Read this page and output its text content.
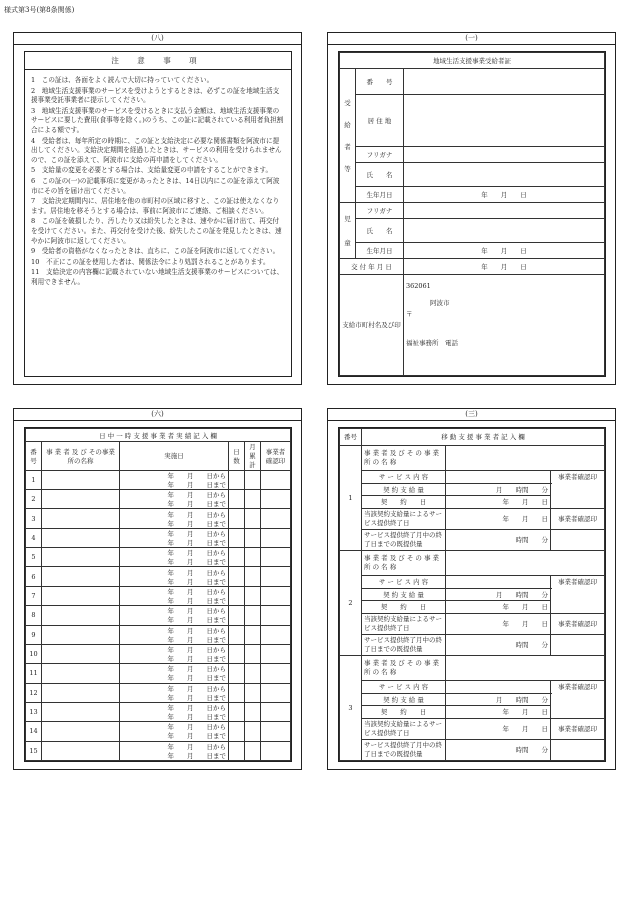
様式第3号(第8条関係)
(八)
注 意 事 項

1　この証は、各面をよく読んで大切に持っていてください。

2　地域生活支援事業のサービスを受けようとするときは、必ずこの証を地域生活支援事業受託事業者に提示してください。

3　地域生活支援事業のサービスを受けるときに支払う金額は、地域生活支援事業のサービスに要した費用(食事等を除く。)のうち、この証に記載されている利用者負担割合による額です。

4　受給者は、毎年所定の時期に、この証と支給決定に必要な関係書類を阿波市に提出してください。支給決定期間を経過したときは、サービスの利用を受けられませんので、この証を添えて、阿波市に支給の再申請をしてください。

5　支給量の変更を必要とする場合は、支給量変更の申請をすることができます。

6　この証の(一)の記載事項に変更があったときは、14日以内にこの証を添えて阿波市にその旨を届け出てください。

7　支給決定期間内に、居住地を他の市町村の区域に移すと、この証は使えなくなります。居住地を移そうとする場合は、事前に阿波市にご連絡、ご相談ください。

8　この証を破損したり、汚したり又は紛失したときは、速やかに届け出て、再交付を受けてください。また、再交付を受けた後、紛失したこの証を発見したときは、速やかに阿波市に返してください。

9　受給者の資格がなくなったときは、直ちに、この証を阿波市に返してください。

10　不正にこの証を使用した者は、関係法令により処罰されることがあります。

11　支給決定の内容欄に記載されていない地域生活支援事業のサービスについては、利用できません。

(一)
地域生活支援事業受給者証		

受
給
者
等	番　　号	
	居 住 地	
	フリガナ	
	氏　　名	
	生年月日	年　　月　　日

児
童	フリガナ	
	氏　　名	
	生年月日	年　　月　　日
交 付 年 月 日		年　　月　　日
支給市町村名及び印		362061
阿波市
〒
福祉事務所　電話
(六)
日 中 一 時 支 援 事 業 者 実 績 記 入 欄					
番号	事 業 者 及 び その事業所の名称	実施日	日数	月累計	事業者確認印
1		年　　月　　日から			
		年　　月　　日まで			
2		年　　月　　日から			
		年　　月　　日まで			
3		年　　月　　日から			
		年　　月　　日まで			
4		年　　月　　日から			
		年　　月　　日まで			
5		年　　月　　日から			
		年　　月　　日まで			
6		年　　月　　日から			
		年　　月　　日まで			
7		年　　月　　日から			
		年　　月　　日まで			
8		年　　月　　日から			
		年　　月　　日まで			
9		年　　月　　日から			
		年　　月　　日まで			
10		年　　月　　日から			
		年　　月　　日まで			
11		年　　月　　日から			
		年　　月　　日まで			
12		年　　月　　日から			
		年　　月　　日まで			
13		年　　月　　日から			
		年　　月　　日まで			
14		年　　月　　日から			
		年　　月　　日まで			
15		年　　月　　日から			
		年　　月　　日まで			
(三)
番号	移 動 支 援 事 業 者 記 入 欄		
1	事 業 者 及 び そ の 事 業 所 の 名 称		
	サ ー ビ ス 内 容		事業者確認印
	契 約 支 給 量	月　　時間　　分	
	契　　約　　日	年　　月　　日	
	当該契約支給量によるサービス提供終了日	年　　月　　日	事業者確認印
	サービス提供終了月中の終了日までの既提供量	時間　　分	
2	事 業 者 及 び そ の 事 業 所 の 名 称		
	サ ー ビ ス 内 容		事業者確認印
	契 約 支 給 量	月　　時間　　分	
	契　　約　　日	年　　月　　日	
	当該契約支給量によるサービス提供終了日	年　　月　　日	事業者確認印
	サービス提供終了月中の終了日までの既提供量	時間　　分	
3	事 業 者 及 び そ の 事 業 所 の 名 称		
	サ ー ビ ス 内 容		事業者確認印
	契 約 支 給 量	月　　時間　　分	
	契　　約　　日	年　　月　　日	
	当該契約支給量によるサービス提供終了日	年　　月　　日	事業者確認印
	サービス提供終了月中の終了日までの既提供量	時間　　分	
